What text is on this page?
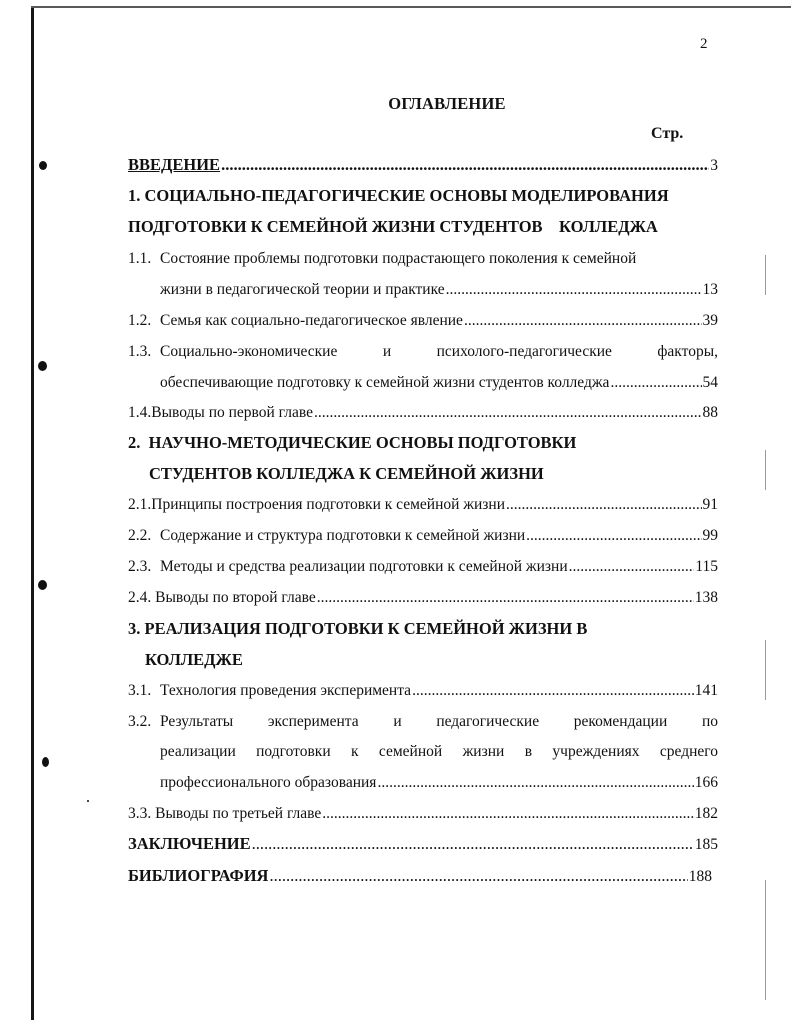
2
ОГЛАВЛЕНИЕ
Стр.
ВВЕДЕНИЕ .....	3
1. СОЦИАЛЬНО-ПЕДАГОГИЧЕСКИЕ ОСНОВЫ МОДЕЛИРОВАНИЯ
ПОДГОТОВКИ К СЕМЕЙНОЙ ЖИЗНИ СТУДЕНТОВ    КОЛЛЕДЖА
1.1. Состояние проблемы подготовки подрастающего поколения к семейной
жизни в педагогической теории и практике .....	13
1.2. Семья как социально-педагогическое явление .....	39
1.3. Социально-экономические и психолого-педагогические факторы,
обеспечивающие подготовку к семейной жизни студентов колледжа .....	54
1.4.Выводы по первой главе .....	88
2.  НАУЧНО-МЕТОДИЧЕСКИЕ ОСНОВЫ ПОДГОТОВКИ
СТУДЕНТОВ КОЛЛЕДЖА К СЕМЕЙНОЙ ЖИЗНИ
2.1.Принципы построения подготовки к семейной жизни .....	91
2.2. Содержание и структура подготовки к семейной жизни .....	99
2.3. Методы и средства реализации подготовки к семейной жизни .....	115
2.4. Выводы по второй главе .....	138
3. РЕАЛИЗАЦИЯ ПОДГОТОВКИ К СЕМЕЙНОЙ ЖИЗНИ В
КОЛЛЕДЖЕ
3.1. Технология проведения эксперимента .....	141
3.2. Результаты эксперимента и педагогические рекомендации по
реализации подготовки к семейной жизни в учреждениях среднего
профессионального образования .....	166
3.3. Выводы по третьей главе .....	182
ЗАКЛЮЧЕНИЕ .....	185
БИБЛИОГРАФИЯ .....	188
